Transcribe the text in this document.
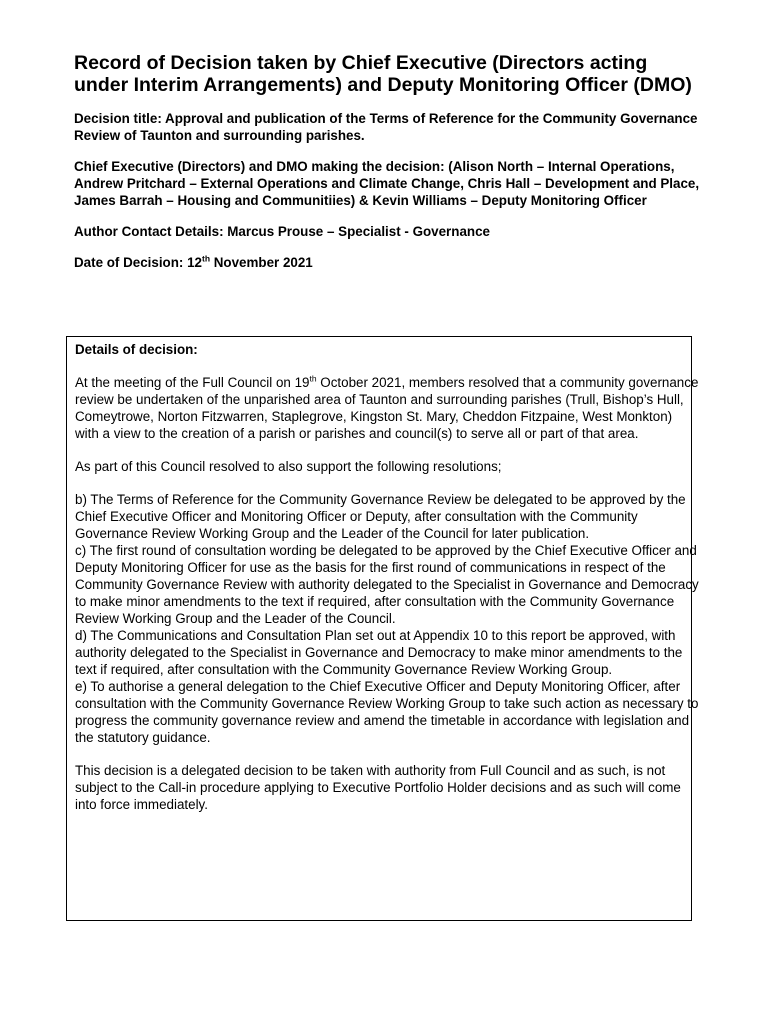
Record of Decision taken by Chief Executive (Directors acting under Interim Arrangements) and Deputy Monitoring Officer (DMO)
Decision title: Approval and publication of the Terms of Reference for the Community Governance Review of Taunton and surrounding parishes.
Chief Executive (Directors) and DMO making the decision: (Alison North – Internal Operations, Andrew Pritchard – External Operations and Climate Change, Chris Hall – Development and Place, James Barrah – Housing and Communitiies) & Kevin Williams – Deputy Monitoring Officer
Author Contact Details: Marcus Prouse – Specialist - Governance
Date of Decision: 12th November 2021
Details of decision:
At the meeting of the Full Council on 19th October 2021, members resolved that a community governance review be undertaken of the unparished area of Taunton and surrounding parishes (Trull, Bishop’s Hull, Comeytrowe, Norton Fitzwarren, Staplegrove, Kingston St. Mary, Cheddon Fitzpaine, West Monkton) with a view to the creation of a parish or parishes and council(s) to serve all or part of that area.
As part of this Council resolved to also support the following resolutions;
b) The Terms of Reference for the Community Governance Review be delegated to be approved by the Chief Executive Officer and Monitoring Officer or Deputy, after consultation with the Community Governance Review Working Group and the Leader of the Council for later publication.
c) The first round of consultation wording be delegated to be approved by the Chief Executive Officer and Deputy Monitoring Officer for use as the basis for the first round of communications in respect of the Community Governance Review with authority delegated to the Specialist in Governance and Democracy to make minor amendments to the text if required, after consultation with the Community Governance Review Working Group and the Leader of the Council.
d) The Communications and Consultation Plan set out at Appendix 10 to this report be approved, with authority delegated to the Specialist in Governance and Democracy to make minor amendments to the text if required, after consultation with the Community Governance Review Working Group.
e) To authorise a general delegation to the Chief Executive Officer and Deputy Monitoring Officer, after consultation with the Community Governance Review Working Group to take such action as necessary to progress the community governance review and amend the timetable in accordance with legislation and the statutory guidance.
This decision is a delegated decision to be taken with authority from Full Council and as such, is not subject to the Call-in procedure applying to Executive Portfolio Holder decisions and as such will come into force immediately.
